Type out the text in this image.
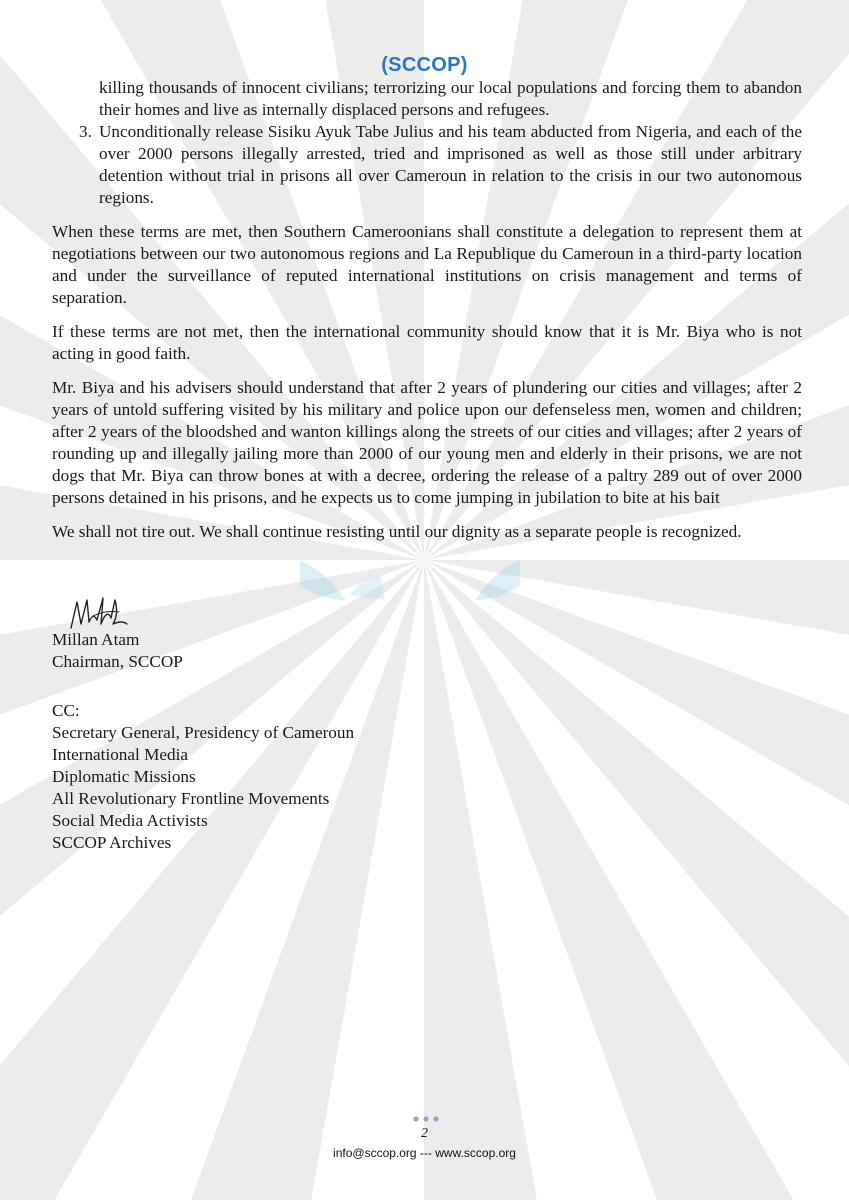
(SCCOP)
killing thousands of innocent civilians; terrorizing our local populations and forcing them to abandon their homes and live as internally displaced persons and refugees.
3. Unconditionally release Sisiku Ayuk Tabe Julius and his team abducted from Nigeria, and each of the over 2000 persons illegally arrested, tried and imprisoned as well as those still under arbitrary detention without trial in prisons all over Cameroun in relation to the crisis in our two autonomous regions.

When these terms are met, then Southern Cameroonians shall constitute a delegation to represent them at negotiations between our two autonomous regions and La Republique du Cameroun in a third-party location and under the surveillance of reputed international institutions on crisis management and terms of separation.

If these terms are not met, then the international community should know that it is Mr. Biya who is not acting in good faith.

Mr. Biya and his advisers should understand that after 2 years of plundering our cities and villages; after 2 years of untold suffering visited by his military and police upon our defenseless men, women and children; after 2 years of the bloodshed and wanton killings along the streets of our cities and villages; after 2 years of rounding up and illegally jailing more than 2000 of our young men and elderly in their prisons, we are not dogs that Mr. Biya can throw bones at with a decree, ordering the release of a paltry 289 out of over 2000 persons detained in his prisons, and he expects us to come jumping in jubilation to bite at his bait

We shall not tire out. We shall continue resisting until our dignity as a separate people is recognized.

Millan Atam
Chairman, SCCOP
CC:
Secretary General, Presidency of Cameroun
International Media
Diplomatic Missions
All Revolutionary Frontline Movements
Social Media Activists
SCCOP Archives
2
info@sccop.org --- www.sccop.org
